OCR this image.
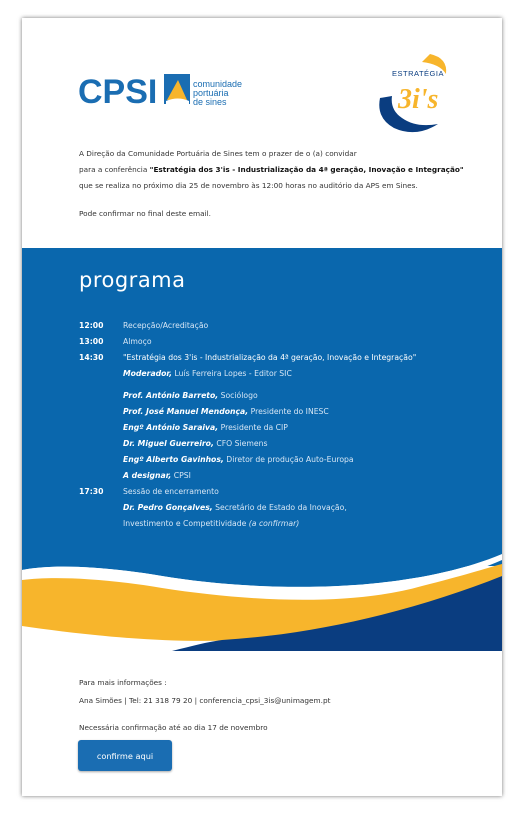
CPSI	comunidade
portuária
de sines
ESTRATÉGIA
3i's

A Direção da Comunidade Portuária de Sines tem o prazer de o (a) convidar

para a conferência "Estratégia dos 3'is - Industrialização da 4ª geração, Inovação e Integração"

que se realiza no próximo dia 25 de novembro às 12:00 horas no auditório da APS em Sines.

Pode confirmar no final deste email.

programa
12:00	Recepção/Acreditação
13:00	Almoço
14:30	"Estratégia dos 3'is - Industrialização da 4ª geração, Inovação e Integração"
Moderador, Luís Ferreira Lopes - Editor SIC
Prof. António Barreto, Sociólogo
Prof. José Manuel Mendonça, Presidente do INESC
Engº António Saraiva, Presidente da CIP
Dr. Miguel Guerreiro, CFO Siemens
Engº Alberto Gavinhos, Diretor de produção Auto-Europa
A designar, CPSI
17:30	Sessão de encerramento
Dr. Pedro Gonçalves, Secretário de Estado da Inovação,
Investimento e Competitividade (a confirmar)

Para mais informações :

Ana Simões | Tel: 21 318 79 20 | conferencia_cpsi_3is@unimagem.pt

Necessária confirmação até ao dia 17 de novembro

confirme aqui
